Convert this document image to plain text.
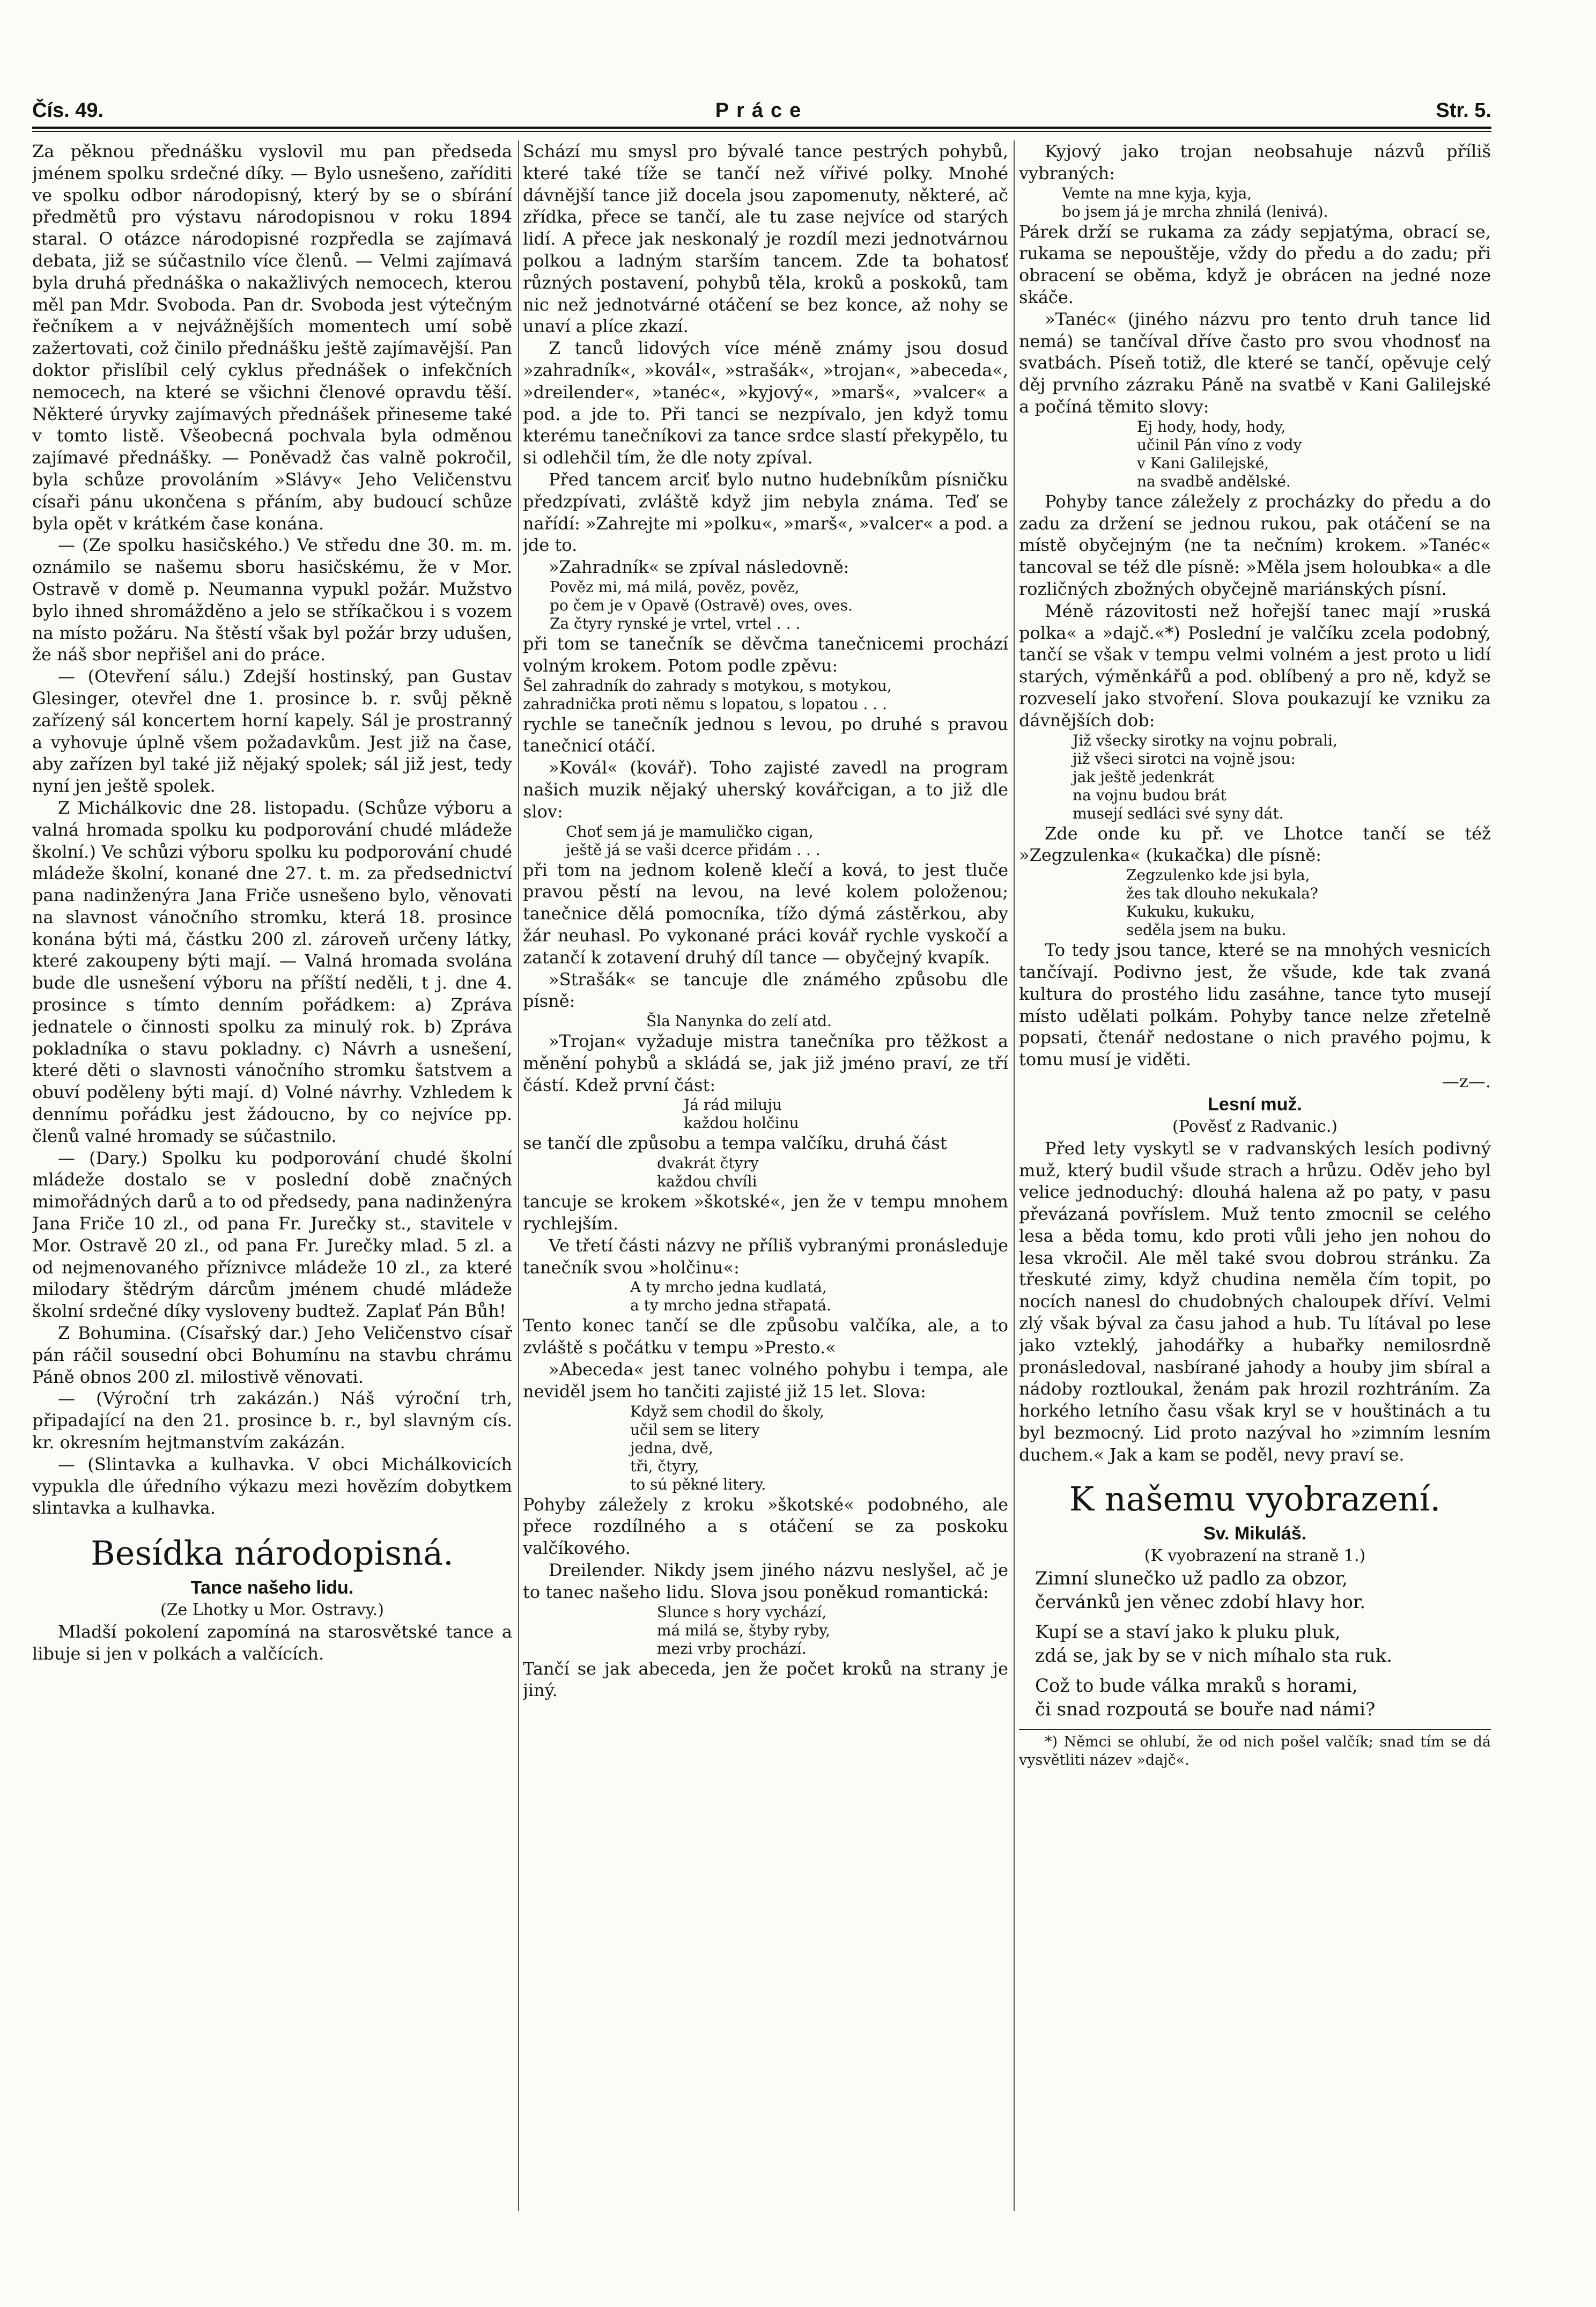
Čís. 49.	Práce	Str. 5.

Za pěknou přednášku vyslovil mu pan předseda jménem spolku srdečné díky. — Bylo usnešeno, zaříditi ve spolku odbor národopisný, který by se o sbírání předmětů pro výstavu národopisnou v roku 1894 staral. O otázce národopisné rozpředla se zajímavá debata, již se súčastnilo více členů. — Velmi zajímavá byla druhá přednáška o nakažlivých nemocech, kterou měl pan Mdr. Svoboda. Pan dr. Svoboda jest výtečným řečníkem a v nejvážnějších momentech umí sobě zažertovati, což činilo přednášku ještě zajímavější. Pan doktor přislíbil celý cyklus přednášek o infekčních nemocech, na které se všichni členové opravdu těší. Některé úryvky zajímavých přednášek přineseme také v tomto listě. Všeobecná pochvala byla odměnou zajímavé přednášky. — Poněvadž čas valně pokročil, byla schůze provoláním »Slávy« Jeho Veličenstvu císaři pánu ukončena s přáním, aby budoucí schůze byla opět v krátkém čase konána.

— (Ze spolku hasičského.) Ve středu dne 30. m. m. oznámilo se našemu sboru hasičskému, že v Mor. Ostravě v domě p. Neumanna vypukl požár. Mužstvo bylo ihned shromážděno a jelo se stříkačkou i s vozem na místo požáru. Na štěstí však byl požár brzy udušen, že náš sbor nepřišel ani do práce.

— (Otevření sálu.) Zdejší hostinský, pan Gustav Glesinger, otevřel dne 1. prosince b. r. svůj pěkně zařízený sál koncertem horní kapely. Sál je prostranný a vyhovuje úplně všem požadavkům. Jest již na čase, aby zařízen byl také již nějaký spolek; sál již jest, tedy nyní jen ještě spolek.

Z Michálkovic dne 28. listopadu. (Schůze výboru a valná hromada spolku ku podporování chudé mládeže školní.) Ve schůzi výboru spolku ku podporování chudé mládeže školní, konané dne 27. t. m. za předsednictví pana nadinženýra Jana Friče usnešeno bylo, věnovati na slavnost vánočního stromku, která 18. prosince konána býti má, částku 200 zl. zároveň určeny látky, které zakoupeny býti mají. — Valná hromada svolána bude dle usnešení výboru na příští neděli, t j. dne 4. prosince s tímto denním pořádkem: a) Zpráva jednatele o činnosti spolku za minulý rok. b) Zpráva pokladníka o stavu pokladny. c) Návrh a usnešení, které děti o slavnosti vánočního stromku šatstvem a obuví poděleny býti mají. d) Volné návrhy. Vzhledem k dennímu pořádku jest žádoucno, by co nejvíce pp. členů valné hromady se súčastnilo.

— (Dary.) Spolku ku podporování chudé školní mládeže dostalo se v poslední době značných mimořádných darů a to od předsedy, pana nadinženýra Jana Friče 10 zl., od pana Fr. Jurečky st., stavitele v Mor. Ostravě 20 zl., od pana Fr. Jurečky mlad. 5 zl. a od nejmenovaného příznivce mládeže 10 zl., za které milodary štědrým dárcům jménem chudé mládeže školní srdečné díky vysloveny budtež. Zaplať Pán Bůh!

Z Bohumina. (Císařský dar.) Jeho Veličenstvo císař pán ráčil sousední obci Bohumínu na stavbu chrámu Páně obnos 200 zl. milostivě věnovati.

— (Výroční trh zakázán.) Náš výroční trh, připadající na den 21. prosince b. r., byl slavným cís. kr. okresním hejtmanstvím zakázán.

— (Slintavka a kulhavka. V obci Michálkovicích vypukla dle úředního výkazu mezi hovězím dobytkem slintavka a kulhavka.

Besídka národopisná.
Tance našeho lidu.
(Ze Lhotky u Mor. Ostravy.)

Mladší pokolení zapomíná na starosvětské tance a libuje si jen v polkách a valčících.

Schází mu smysl pro bývalé tance pestrých pohybů, které také tíže se tančí než vířivé polky. Mnohé dávnější tance již docela jsou zapomenuty, některé, ač zřídka, přece se tančí, ale tu zase nejvíce od starých lidí. A přece jak neskonalý je rozdíl mezi jednotvárnou polkou a ladným starším tancem. Zde ta bohatosť různých postavení, pohybů těla, kroků a poskoků, tam nic než jednotvárné otáčení se bez konce, až nohy se unaví a plíce zkazí.

Z tanců lidových více méně známy jsou dosud »zahradník«, »kovál«, »strašák«, »trojan«, »abeceda«, »dreilender«, »tanéc«, »kyjový«, »marš«, »valcer« a pod. a jde to. Při tanci se nezpívalo, jen když tomu kterému tanečníkovi za tance srdce slastí překypělo, tu si odlehčil tím, že dle noty zpíval.

Před tancem arciť bylo nutno hudebníkům písničku předzpívati, zvláště když jim nebyla známa. Teď se nařídí: »Zahrejte mi »polku«, »marš«, »valcer« a pod. a jde to.

»Zahradník« se zpíval následovně:

Pověz mi, má milá, pověz, pověz,
po čem je v Opavě (Ostravě) oves, oves.
Za čtyry rynské je vrtel, vrtel . . .

při tom se tanečník se děvčma tanečnicemi prochází volným krokem. Potom podle zpěvu:

Šel zahradník do zahrady s motykou, s motykou,
zahradnička proti němu s lopatou, s lopatou . . .

rychle se tanečník jednou s levou, po druhé s pravou tanečnicí otáčí.

»Kovál« (kovář). Toho zajisté zavedl na program našich muzik nějaký uherský kovářcigan, a to již dle slov:

Choť sem já je mamuličko cigan,
ještě já se vaši dcerce přidám . . .

při tom na jednom koleně klečí a ková, to jest tluče pravou pěstí na levou, na levé kolem položenou; tanečnice dělá pomocníka, tížo dýmá zástěrkou, aby žár neuhasl. Po vykonané práci kovář rychle vyskočí a zatančí k zotavení druhý díl tance — obyčejný kvapík.

»Strašák« se tancuje dle známého způsobu dle písně:

Šla Nanynka do zelí atd.

»Trojan« vyžaduje mistra tanečníka pro těžkost a měnění pohybů a skládá se, jak již jméno praví, ze tří částí. Kdež první část:

Já rád miluju
každou holčinu

se tančí dle způsobu a tempa valčíku, druhá část

dvakrát čtyry
každou chvíli

tancuje se krokem »škotské«, jen že v tempu mnohem rychlejším.

Ve třetí části názvy ne příliš vybranými pronásleduje tanečník svou »holčinu«:

A ty mrcho jedna kudlatá,
a ty mrcho jedna střapatá.

Tento konec tančí se dle způsobu valčíka, ale, a to zvláště s počátku v tempu »Presto.«

»Abeceda« jest tanec volného pohybu i tempa, ale neviděl jsem ho tančiti zajisté již 15 let. Slova:

Když sem chodil do školy,
učil sem se litery
jedna, dvě,
tři, čtyry,
to sú pěkné litery.

Pohyby záležely z kroku »škotské« podobného, ale přece rozdílného a s otáčení se za poskoku valčíkového.

Dreilender. Nikdy jsem jiného názvu neslyšel, ač je to tanec našeho lidu. Slova jsou poněkud romantická:

Slunce s hory vychází,
má milá se, štyby ryby,
mezi vrby prochází.

Tančí se jak abeceda, jen že počet kroků na strany je jiný.

Kyjový jako trojan neobsahuje názvů příliš vybraných:

Vemte na mne kyja, kyja,
bo jsem já je mrcha zhnilá (lenivá).

Párek drží se rukama za zády sepjatýma, obrací se, rukama se nepouštěje, vždy do předu a do zadu; při obracení se oběma, když je obrácen na jedné noze skáče.

»Tanéc« (jiného názvu pro tento druh tance lid nemá) se tančíval dříve často pro svou vhodnosť na svatbách. Píseň totiž, dle které se tančí, opěvuje celý děj prvního zázraku Páně na svatbě v Kani Galilejské a počíná těmito slovy:

Ej hody, hody, hody,
učinil Pán víno z vody
v Kani Galilejské,
na svadbě andělské.

Pohyby tance záležely z procházky do předu a do zadu za držení se jednou rukou, pak otáčení se na místě obyčejným (ne ta nečním) krokem. »Tanéc« tancoval se též dle písně: »Měla jsem holoubka« a dle rozličných zbožných obyčejně mariánských písní.

Méně rázovitosti než hořejší tanec mají »ruská polka« a »dajč.«*) Poslední je valčíku zcela podobný, tančí se však v tempu velmi volném a jest proto u lidí starých, výměnkářů a pod. oblíbený a pro ně, když se rozveselí jako stvoření. Slova poukazují ke vzniku za dávnějších dob:

Již všecky sirotky na vojnu pobrali,
již všeci sirotci na vojně jsou:
jak ještě jedenkrát
na vojnu budou brát
musejí sedláci své syny dát.

Zde onde ku př. ve Lhotce tančí se též »Zegzulenka« (kukačka) dle písně:

Zegzulenko kde jsi byla,
žes tak dlouho nekukala?
Kukuku, kukuku,
seděla jsem na buku.

To tedy jsou tance, které se na mnohých vesnicích tančívají. Podivno jest, že všude, kde tak zvaná kultura do prostého lidu zasáhne, tance tyto musejí místo udělati polkám. Pohyby tance nelze zřetelně popsati, čtenář nedostane o nich pravého pojmu, k tomu musí je viděti.

—z—.

Lesní muž.
(Pověsť z Radvanic.)

Před lety vyskytl se v radvanských lesích podivný muž, který budil všude strach a hrůzu. Oděv jeho byl velice jednoduchý: dlouhá halena až po paty, v pasu převázaná povříslem. Muž tento zmocnil se celého lesa a běda tomu, kdo proti vůli jeho jen nohou do lesa vkročil. Ale měl také svou dobrou stránku. Za třeskuté zimy, když chudina neměla čím topit, po nocích nanesl do chudobných chaloupek dříví. Velmi zlý však býval za času jahod a hub. Tu lítával po lese jako vzteklý, jahodářky a hubařky nemilosrdně pronásledoval, nasbírané jahody a houby jim sbíral a nádoby roztloukal, ženám pak hrozil rozhtráním. Za horkého letního času však kryl se v houštinách a tu byl bezmocný. Lid proto nazýval ho »zimním lesním duchem.« Jak a kam se poděl, nevy praví se.

K našemu vyobrazení.
Sv. Mikuláš.
(K vyobrazení na straně 1.)
Zimní slunečko už padlo za obzor,
červánků jen věnec zdobí hlavy hor.
Kupí se a staví jako k pluku pluk,
zdá se, jak by se v nich míhalo sta ruk.
Což to bude válka mraků s horami,
či snad rozpoutá se bouře nad námi?

*) Němci se ohlubí, že od nich pošel valčík; snad tím se dá vysvětliti název »dajč«.
